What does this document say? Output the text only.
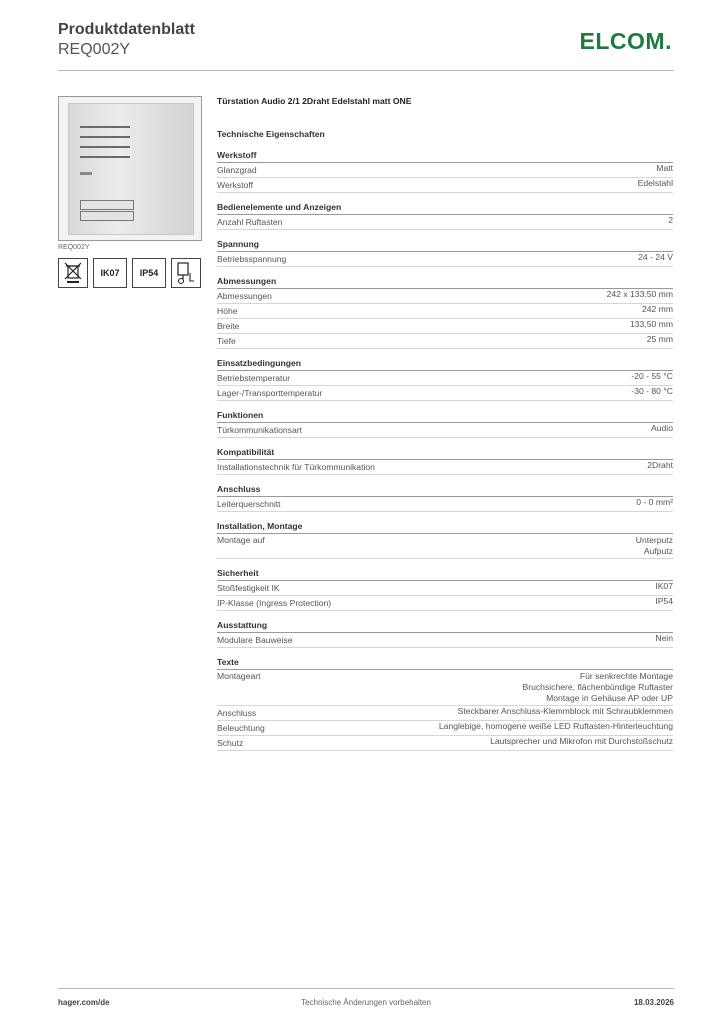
Produktdatenblatt
REQ002Y	ELCOM.
REQ002Y
IK07	IP54
Türstation Audio 2/1 2Draht Edelstahl matt ONE
Technische Eigenschaften
Werkstoff
Glanzgrad	Matt
Werkstoff	Edelstahl
Bedienelemente und Anzeigen
Anzahl Ruftasten	2
Spannung
Betriebsspannung	24 - 24 V
Abmessungen
Abmessungen	242 x 133.50 mm
Höhe	242 mm
Breite	133,50 mm
Tiefe	25 mm
Einsatzbedingungen
Betriebstemperatur	-20 - 55 °C
Lager-/Transporttemperatur	-30 - 80 °C
Funktionen
Türkommunikationsart	Audio
Kompatibilität
Installationstechnik für Türkommunikation	2Draht
Anschluss
Leiterquerschnitt	0 - 0 mm²
Installation, Montage
Montage auf	Unterputz
Aufputz
Sicherheit
Stoßfestigkeit IK	IK07
IP-Klasse (Ingress Protection)	IP54
Ausstattung
Modulare Bauweise	Nein
Texte
Montageart	Für senkrechte Montage
Bruchsichere, flächenbündige Ruftaster
Montage in Gehäuse AP oder UP
Anschluss	Steckbarer Anschluss-Klemmblock mit Schraubklemmen
Beleuchtung	Langlebige, homogene weiße LED Ruftasten-Hinterleuchtung
Schutz	Lautsprecher und Mikrofon mit Durchstoßschutz
Technische Änderungen vorbehalten
hager.com/de	18.03.2026
